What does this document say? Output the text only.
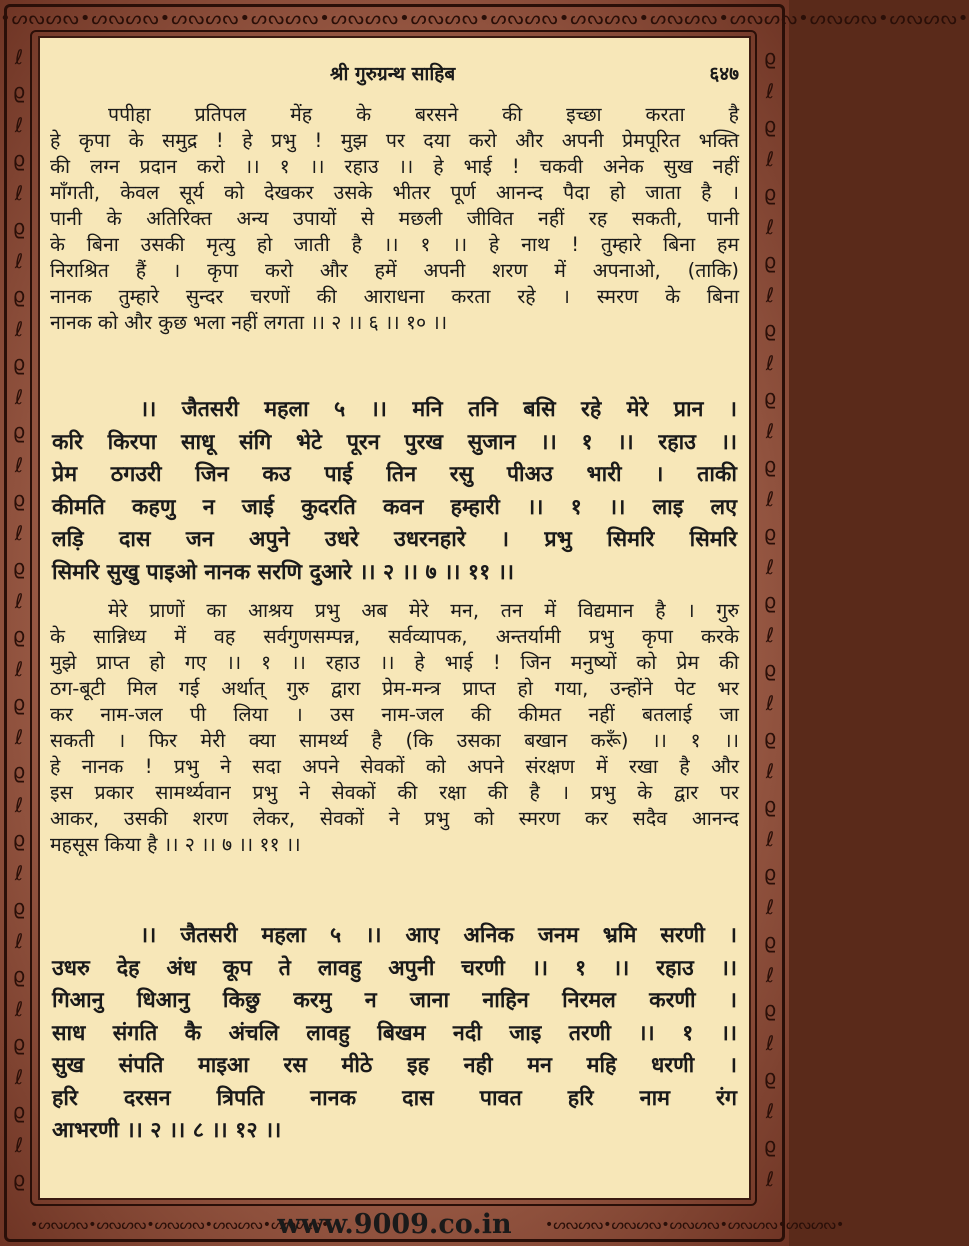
•ᔕᔓᔕᔓ•ᔕᔓᔕᔓ•ᔕᔓᔕᔓ•ᔕᔓᔕᔓ•ᔕᔓᔕᔓ•ᔕᔓᔕᔓ•ᔕᔓᔕᔓ•ᔕᔓᔕᔓ•ᔕᔓᔕᔓ•ᔕᔓᔕᔓ•ᔕᔓᔕᔓ•ᔕᔓᔕᔓ•
ℓ
ϱ
ℓ
ϱ
ℓ
ϱ
ℓ
ϱ
ℓ
ϱ
ℓ
ϱ
ℓ
ϱ
ℓ
ϱ
ℓ
ϱ
ℓ
ϱ
ℓ
ϱ
ℓ
ϱ
ℓ
ϱ
ℓ
ϱ
ℓ
ϱ
ℓ
ϱ
ℓ
ϱ
ϱ
ℓ
ϱ
ℓ
ϱ
ℓ
ϱ
ℓ
ϱ
ℓ
ϱ
ℓ
ϱ
ℓ
ϱ
ℓ
ϱ
ℓ
ϱ
ℓ
ϱ
ℓ
ϱ
ℓ
ϱ
ℓ
ϱ
ℓ
ϱ
ℓ
ϱ
ℓ
ϱ
ℓ
•ᔕᔓᔕᔓ•ᔕᔓᔕᔓ•ᔕᔓᔕᔓ•ᔕᔓᔕᔓ•ᔕᔓᔕᔓ•	•ᔕᔓᔕᔓ•ᔕᔓᔕᔓ•ᔕᔓᔕᔓ•ᔕᔓᔕᔓ•ᔕᔓᔕᔓ•
श्री गुरुग्रन्थ साहिब	६४७
पपीहा प्रतिपल मेंह के बरसने की इच्छा करता है
हे कृपा के समुद्र ! हे प्रभु ! मुझ पर दया करो और अपनी प्रेमपूरित भक्ति
की लग्न प्रदान करो ।। १ ।। रहाउ ।। हे भाई ! चकवी अनेक सुख नहीं
माँगती, केवल सूर्य को देखकर उसके भीतर पूर्ण आनन्द पैदा हो जाता है ।
पानी के अतिरिक्त अन्य उपायों से मछली जीवित नहीं रह सकती, पानी
के बिना उसकी मृत्यु हो जाती है ।। १ ।। हे नाथ ! तुम्हारे बिना हम
निराश्रित हैं । कृपा करो और हमें अपनी शरण में अपनाओ, (ताकि)
नानक तुम्हारे सुन्दर चरणों की आराधना करता रहे । स्मरण के बिना
नानक को और कुछ भला नहीं लगता ।। २ ।। ६ ।। १० ।।
।। जैतसरी महला ५ ।। मनि तनि बसि रहे मेरे प्रान ।
करि किरपा साधू संगि भेटे पूरन पुरख सुजान ।। १ ।। रहाउ ।।
प्रेम ठगउरी जिन कउ पाई तिन रसु पीअउ भारी । ताकी
कीमति कहणु न जाई कुदरति कवन हम्हारी ।। १ ।। लाइ लए
लड़ि दास जन अपुने उधरे उधरनहारे । प्रभु सिमरि सिमरि
सिमरि सुखु पाइओ नानक सरणि दुआरे ।। २ ।। ७ ।। ११ ।।
मेरे प्राणों का आश्रय प्रभु अब मेरे मन, तन में विद्यमान है । गुरु
के सान्निध्य में वह सर्वगुणसम्पन्न, सर्वव्यापक, अन्तर्यामी प्रभु कृपा करके
मुझे प्राप्त हो गए ।। १ ।। रहाउ ।। हे भाई ! जिन मनुष्यों को प्रेम की
ठग-बूटी मिल गई अर्थात् गुरु द्वारा प्रेम-मन्त्र प्राप्त हो गया, उन्होंने पेट भर
कर नाम-जल पी लिया । उस नाम-जल की कीमत नहीं बतलाई जा
सकती । फिर मेरी क्या सामर्थ्य है (कि उसका बखान करूँ) ।। १ ।।
हे नानक ! प्रभु ने सदा अपने सेवकों को अपने संरक्षण में रखा है और
इस प्रकार सामर्थ्यवान प्रभु ने सेवकों की रक्षा की है । प्रभु के द्वार पर
आकर, उसकी शरण लेकर, सेवकों ने प्रभु को स्मरण कर सदैव आनन्द
महसूस किया है ।। २ ।। ७ ।। ११ ।।
।। जैतसरी महला ५ ।। आए अनिक जनम भ्रमि सरणी ।
उधरु देह अंध कूप ते लावहु अपुनी चरणी ।। १ ।। रहाउ ।।
गिआनु धिआनु किछु करमु न जाना नाहिन निरमल करणी ।
साध संगति कै अंचलि लावहु बिखम नदी जाइ तरणी ।। १ ।।
सुख संपति माइआ रस मीठे इह नही मन महि धरणी ।
हरि दरसन त्रिपति नानक दास पावत हरि नाम रंग
आभरणी ।। २ ।। ८ ।। १२ ।।
www.9009.co.in
